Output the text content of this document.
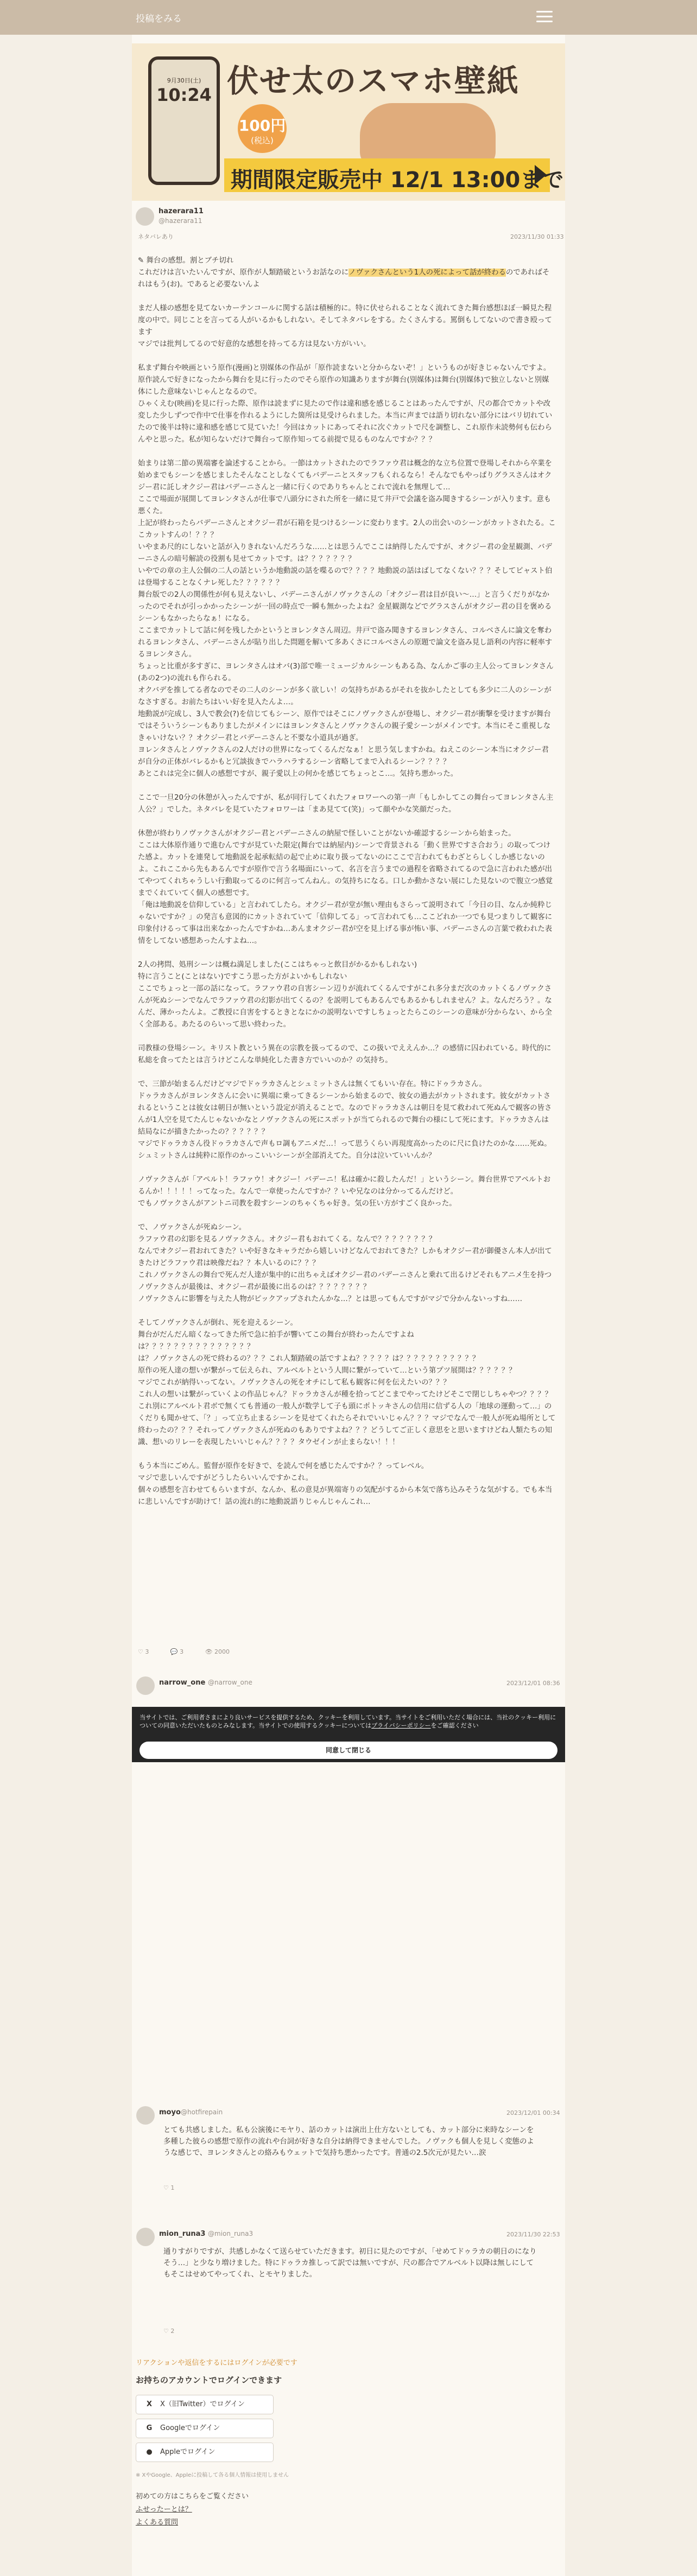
投稿をみる
9月30日(土)
10:24 伏せ太のスマホ壁紙
100円
(税込)
期間限定販売中 12/1 13:00まで
hazerara11
@hazerara11
2023/11/30 01:33
ネタバレあり

✎ 舞台の感想。割とブチ切れ

これだけは言いたいんですが、原作が人類踏破というお話なのにノヴァクさんという1人の死によって話が終わるのであればそれはもう(お)。であると必要ないんよ

まだ人様の感想を見てないカーテンコールに関する話は積極的に。特に伏せられることなく流れてきた舞台感想ほぼ一瞬見た程度の中で。同じことを言ってる人がいるかもしれない。そしてネタバレをする。たくさんする。罵倒もしてないので書き殴ってます
マジでは批判してるので好意的な感想を持ってる方は見ない方がいい。

私まず舞台や映画という原作(漫画)と別媒体の作品が「原作読まないと分からないぞ！」というものが好きじゃないんですよ。原作読んで好きになったから舞台を見に行ったのでそら原作の知識ありますが舞台(別媒体)は舞台(別媒体)で独立しないと別媒体にした意味ないじゃんとなるので。
ひゃくえむ(映画)を見に行った際、原作は読まずに見たので作は違和感を感じることはあったんですが、尺の都合でカットや改変した少しずつで作中で仕事を作れるようにした箇所は見受けられました。本当に声までは語り切れない部分にはバリ切れていたので後半は特に違和感を感じて見ていた！今回はカットにあってそれに次ぐカットで尺を調整し、これ原作未読勢何も伝わらんやと思った。私が知らないだけで舞台って原作知ってる前提で見るものなんですか？？？

始まりは第二節の異端審を論述することから。一節はカットされたのでラファウ君は概念的な立ち位置で登場しそれから卒業を始めまでもシーンを感じましたそんなことしなくてもバデーニとスタッフもくれるなら！そんなでもやっぱりグラスさんはオクジー君に託しオクジー君はバデーニさんと一緒に行くのでありちゃんとこれで流れを無理して…
ここで場面が展開してヨレンタさんが仕事で八頭分にされた所を一緒に見て井戸で会議を盗み聞きするシーンが入ります。意も悪くた。
上記が終わったらバデーニさんとオクジー君が石箱を見つけるシーンに変わります。2人の出会いのシーンがカットされたる。ここカットすんの！？？？
いやまあ尺的にしないと話が入りきれないんだろうな……とは思うんでここは納得したんですが、オクジー君の金星観測、バデーニさんの暗号解読の役割も見せてカットです。は？？？？？？？
いやでの章の主人公個の二人の話というか地動説の話を喋るので？？？？地動説の話はばしてなくない？？？そしてピャスト伯は登場することなくナレ死した？？？？？？
舞台版での2人の関係性が何も見えないし、バデーニさんがノヴァクさんの「オクジー君は目が良い～…」と言うくだりがなかったのでそれが引っかかったシーンが一回の時点で一瞬も無かったよね？金星観測などでグラスさんがオクジー君の目を褒めるシーンもなかったらなぁ！になる。
ここまでカットして話に何を残したかというとヨレンタさん周辺。井戸で盗み聞きするヨレンタさん、コルベさんに論文を奪われるヨレンタさん、バデーニさんが貼り出した問題を解いて多あくさにコルベさんの原題で論文を盗み見し語利の内容に軽率するヨレンタさん。
ちょっと比重が多すぎに、ヨレンタさんはオバ(3)部で唯一ミュージカルシーンもある為、なんかご事の主人公ってヨレンタさん(あの2つ)の流れも作られる。
オクバデを推してる者なのでその二人のシーンが多く欲しい！の気持ちがあるがそれを抜かしたとしても多少に二人のシーンがなさすぎる。お前たちはいい好を見入たんよ…。
地動説が完成し、3人で教会(?)を信じてもシーン、原作ではそこにノヴァクさんが登場し、オクジー君が衝撃を受けますが舞台ではそういうシーンもありましたがメインにはヨレンタさんとノヴァクさんの親子愛シーンがメインです。本当にそこ重視しなきゃいけない？？オクジー君とバデーニさんと不要な小道具が過ぎ。
ヨレンタさんとノヴァクさんの2人だけの世界になってくるんだなぁ！と思う気しますかね。ねえこのシーン本当にオクジー君が自分の正体がバレるかもと冗談抜きでハラハラするシーン省略してまで入れるシーン？？？？
あとこれは完全に個人の感想ですが、親子愛以上の何かを感じてちょっとこ…。気持ち悪かった。

ここで一旦20分の休憩が入ったんですが、私が同行してくれたフォロワーへの第一声「もしかしてこの舞台ってヨレンタさん主人公？」でした。ネタバレを見ていたフォロワーは「まあ見てて(笑)」って顔やかな笑顔だった。

休憩が終わりノヴァクさんがオクジー君とバデーニさんの納屋で怪しいことがないか確認するシーンから始まった。
ここは大体原作通りで進むんですが見ていた限定(舞台では納屋内)シーンで背景される「動く世界ですさ合おう」の取ってつけた感よ。カットを連発して地動説を起承転結の起で止めに取り扱ってないのにここで言われてもわざとらしくしか感じないのよ。これここから先もあるんですが原作で言う名場面にいって、名言を言うまでの過程を省略されてるので急に言われた感が出てやつてくれちゃうしい行動取ってるのに何言ってんねん。の気持ちになる。口しか動かさない展にした見ないので腹立つ感覚までくれていてく個人の感想です。
「俺は地動説を信仰している」と言われてしたら。オクジー君が堂が無い理由もさらって説明されて「今日の目、なんか純粋じゃないですか？」の発言も意図的にカットされていて「信仰してる」って言われても…ここどれか一つでも見つまりして観客に印象付けるって事は出来なかったんですかね…あんまオクジー君が空を見上げる事が怖い事、バデーニさんの言葉で救われた表情をしてない感想あったんすよね…。

2人の拷問、処刑シーンは概ね満足しました(ここはちゃっと飲目がかるかもしれない)
特に言うこと(ことはない)ですこう思った方がよいかもしれない
ここでちょっと一部の話になって。ラファウ君の自害シーン辺りが流れてくるんですがこれ多分まだ次のカットくるノヴァクさんが死ぬシーンでなんでラファウ君の幻影が出てくるの？を説明してもあるんでもあるかもしれません？よ。なんだろう？。なんだ、薄かったんよ。ご教授に自害をするときとなにかの説明ないですしちょっとたらこのシーンの意味が分からない、から全く全部ある。あたるのらいって思い終わった。

司教様の登場シーン。キリスト教という異在の宗教を扱ってるので、この扱いでええんか…？の感情に囚われている。時代的に私総を食ってたとは言うけどこんな単純化した書き方でいいのか？の気持ち。

で、三節が始まるんだけどマジでドゥラカさんとシュミットさんは無くてもいい存在。特にドゥラカさん。
ドゥラカさんがヨレンタさんに会いに異端に乗ってきるシーンから始まるので、彼女の過去がカットされます。彼女がカットされるということは彼女は朝日が無いという設定が消えることで。なのでドゥラカさんは朝日を見て救われて死ぬんで観客の皆さんが1人空を見てたんじゃないかなとノヴァクさんの死にスポットが当てられるので舞台の様にして死にます。ドゥラカさんは結局なにが描きたかったの？？？？？？
マジでドゥラカさん役ドゥラカさんで声もロ調もアニメだ…！って思うくらい再現度高かったのに尺に負けたのかな……死ぬ。シュミットさんは純粋に原作のかっこいいシーンが全部消えてた。自分は泣いていいんか？

ノヴァクさんが「アペルト！ラファウ！オクジー！バデーニ！私は確かに殺したんだ！」というシーン。舞台世界でアペルトおるんか！！！！！ってなった。なんで一章使ったんですか？？いや兄なのは分かってるんだけど。
でもノヴァクさんがアントニ司教を殺すシーンのちゃくちゃ好き。気の狂い方がすごく良かった。

で、ノヴァクさんが死ぬシーン。
ラファウ君の幻影を見るノヴァクさん。オクジー君もおれてくる。なんで？？？？？？？？
なんでオクジー君おれてきた？いや好きなキャラだから嬉しいけどなんでおれてきた？しかもオクジー君が御優さん本人が出てきたけどラファウ君は映像だね？？本人いるのに？？？
これノヴァクさんの舞台で死んだ人達が集中的に出ちゃえばオクジー君のバデーニさんと乗れて出るけどそれもアニメ生を持つノヴァクさんが最後は、オクジー君が最後に出るのは？？？？？？？？
ノヴァクさんに影響を与えた人物がピックアップされたんかな…？とは思ってもんですがマジで分かんないっすね……

そしてノヴァクさんが倒れ、死を迎えるシーン。
舞台がだんだん暗くなってきた所で急に拍手が響いてこの舞台が終わったんですよね
は？？？？？？？？？？？？？？？
は？ノヴァクさんの死で終わるの？？？これ人類踏破の話ですよね？？？？？は？？？？？？？？？？？
原作の死人達の想いが繋がって伝えられ、アルベルトという人間に繋がっていて…という第プツ展開は？？？？？？
マジでこれが納得いってない。ノヴァクさんの死をオチにして私も観客に何を伝えたいの？？？
これ人の想いは繋がっていくよの作品じゃん？ドゥラカさんが種を拾ってどこまでやってたけどそこで閉じしちゃやつ？？？？
これ別にアルベルト君ボで無くても普通の一般人が数学して子も頭にポトッキさんの信用に信ずる人の「地球の運動って…」のくだりも聞かせて、「？」って立ち止まるシーンを見せてくれたらそれでいいじゃん？？？マジでなんで一般人が死ぬ場所として終わったの？？？それってノヴァクさんが死ぬのもありですよね？？？どうしてご正しく意思をと思いますけどね人類たちの知識、想いのリレーを表現したいいじゃん？？？？タウゼインが止まらない！！！

もう本当にごめん。監督が原作を好きで、を読んで何を感じたんですか？？ってレベル。
マジで悲しいんですがどうしたらいいんですかこれ。
個々の感想を言わせてもらいますが、なんか、私の意見が異端寄りの気配がするから本気で落ち込みそうな気がする。でも本当に悲しいんですが助けて！話の流れ的に地動説語りじゃんじゃんこれ…

♡ 3	💬 3	👁 2000
narrow_one @narrow_one	2023/12/01 08:36
当サイトでは、ご利用者さまにより良いサービスを提供するため、クッキーを利用しています。当サイトをご利用いただく場合には、当社のクッキー利用についての同意いただいたものとみなします。当サイトでの使用するクッキーについてはプライバシーポリシーをご確認ください
同意して閉じる
moyo @hotfirepain	2023/12/01 00:34
とても共感しました。私も公演後にモヤり、話のカットは演出上仕方ないとしても、カット部分に来時なシーンを多種した彼らの感想で原作の流れや台詞が好きな自分は納得できませんでした。ノヴァクも個人を見しく変態のような感じで、ヨレンタさんとの絡みもウェットで気持ち悪かったです。普通の2.5次元が見たい…涙
♡ 1
mion_runa3 @mion_runa3	2023/11/30 22:53
通りすがりですが、共感しかなくて送らせていただきます。初日に見たのですが、「せめてドゥラカの朝日のになりそう…」と少なり増けました。特にドゥラカ推しって訳では無いですが、尺の都合でアルベルト以降は無しにしてもそこはせめてやってくれ、とモヤりました。
♡ 2
リアクションや返信をするにはログインが必要です
お持ちのアカウントでログインできます
X	X（旧Twitter）でログイン
G	Googleでログイン
●	Appleでログイン
※ XやGoogle、Appleに投稿して各る個人情報は使用しません
初めての方はこちらをご覧ください
ふせったーとは？
よくある質問
